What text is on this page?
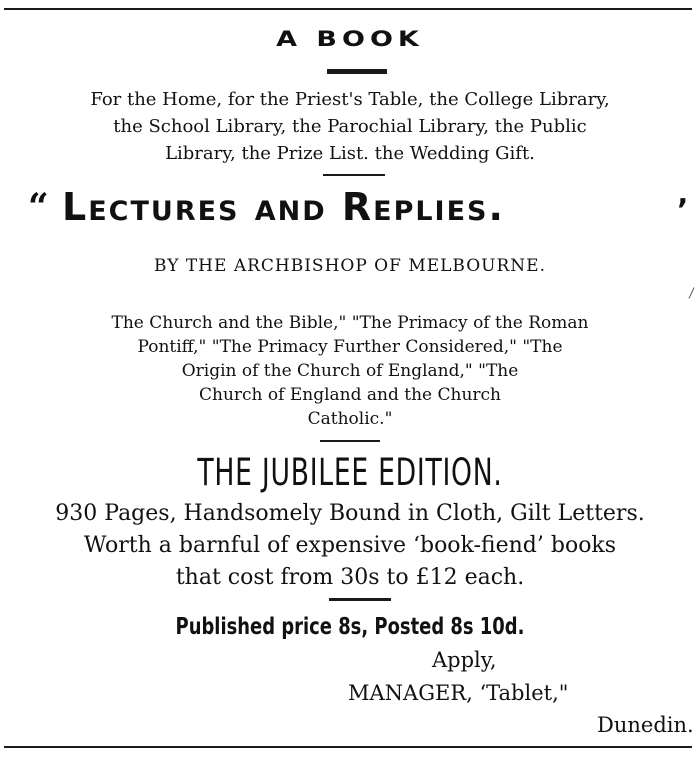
A BOOK
For the Home, for the Priest's Table, the College Library,
the School Library, the Parochial Library, the Public
Library, the Prize List. the Wedding Gift.
“ Lectures and Replies.	’
BY THE ARCHBISHOP OF MELBOURNE.
The Church and the Bible," "The Primacy of the Roman
Pontiff," "The Primacy Further Considered," "The
Origin of the Church of England," "The
Church of England and the Church
Catholic."
THE JUBILEE EDITION.
930 Pages, Handsomely Bound in Cloth, Gilt Letters.
Worth a barnful of expensive ‘book-fiend’ books
that cost from 30s to £12 each.
Published price 8s, Posted 8s 10d.
Apply,
MANAGER, ‘Tablet,"
Dunedin.
